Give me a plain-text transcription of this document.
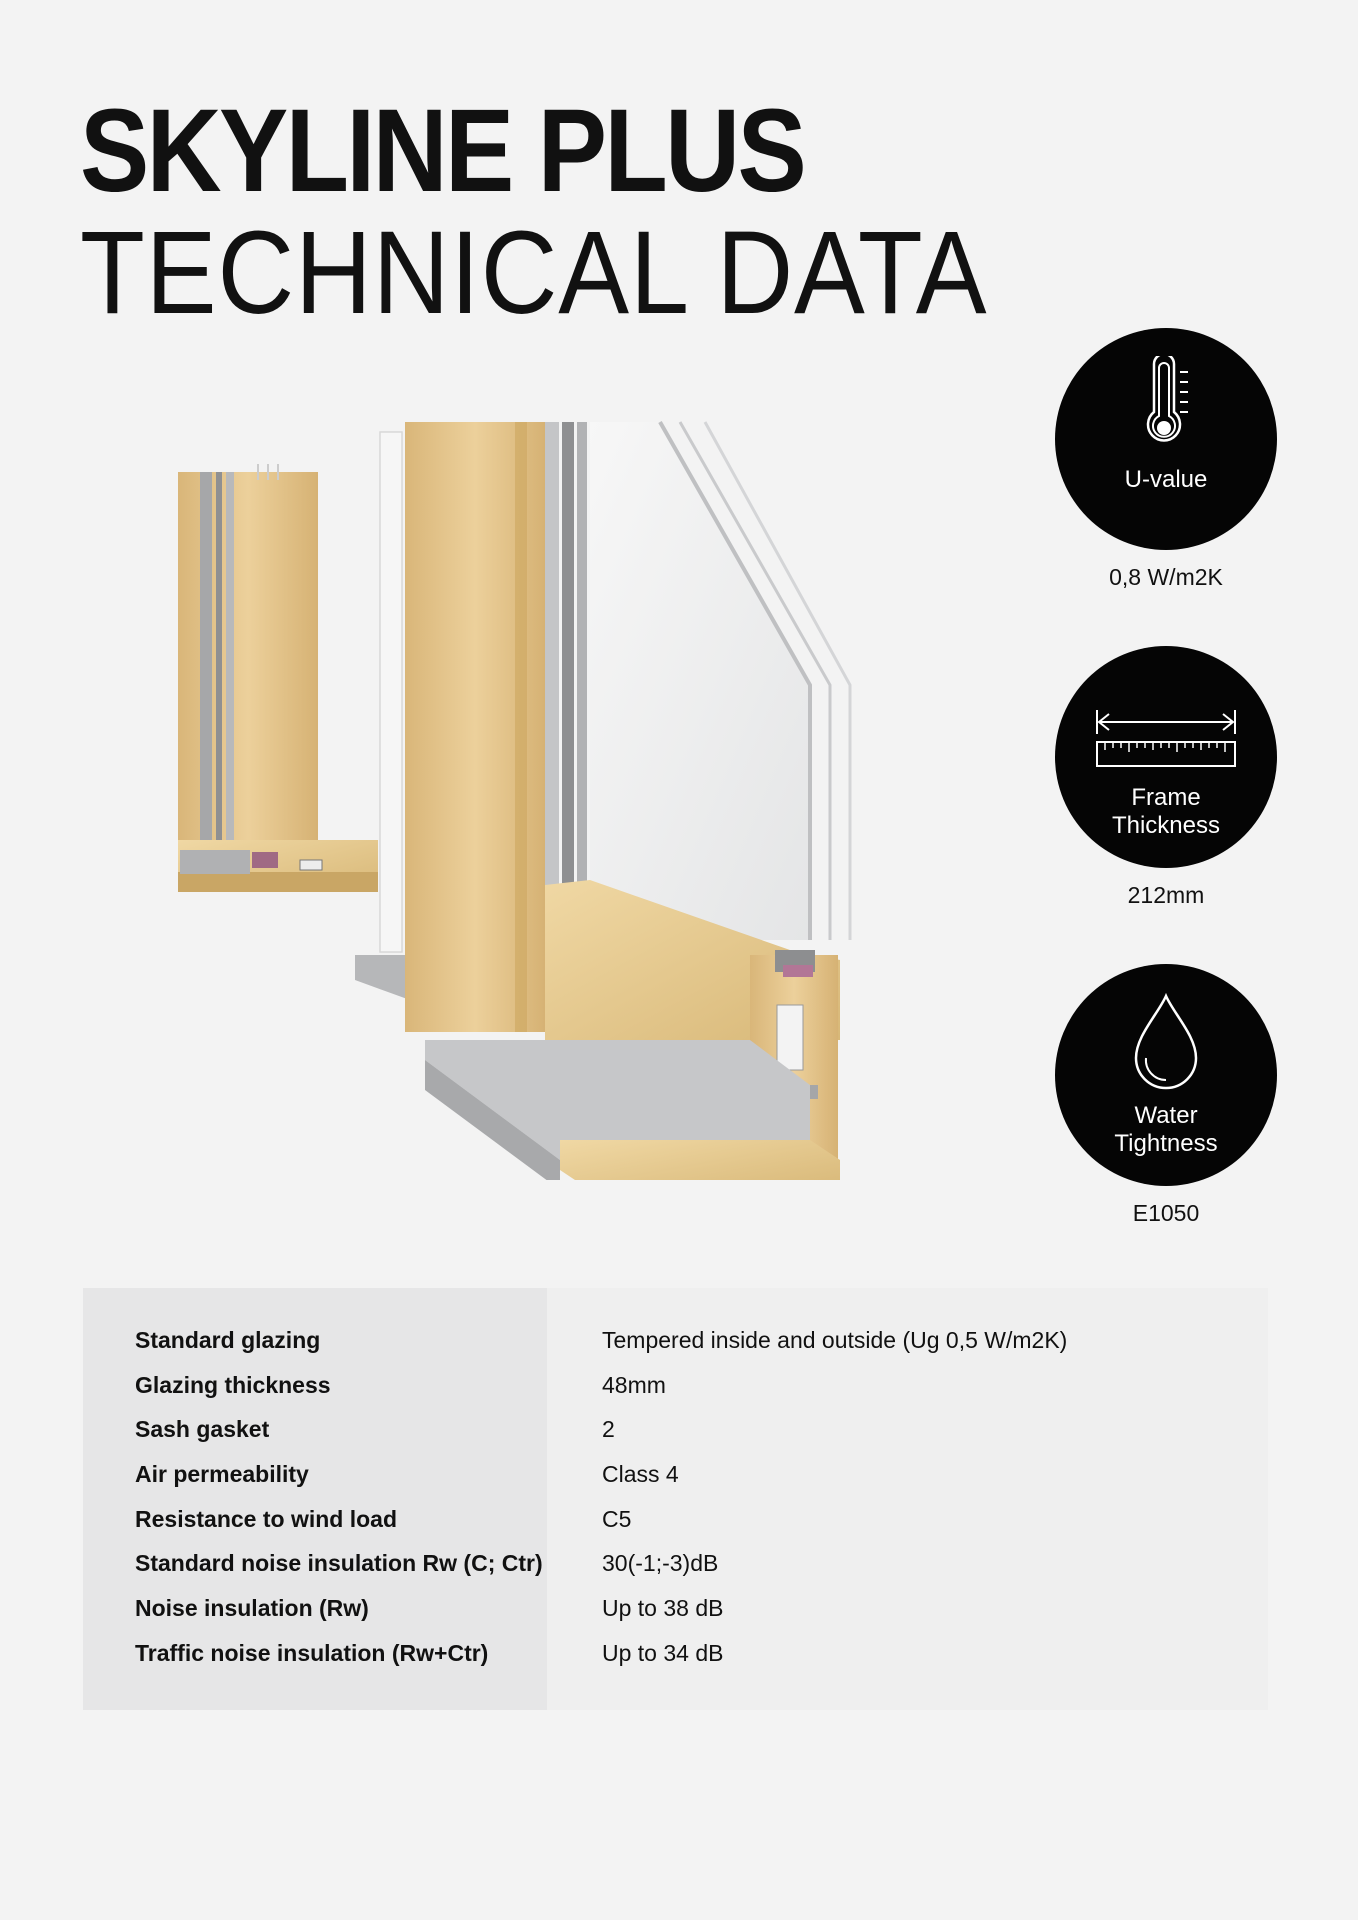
SKYLINE PLUS
TECHNICAL DATA
U-value
0,8 W/m2K
Frame
Thickness
212mm
Water
Tightness
E1050
Standard glazing
Glazing thickness
Sash gasket
Air permeability
Resistance to wind load
Standard noise insulation Rw (C; Ctr)
Noise insulation (Rw)
Traffic noise insulation (Rw+Ctr)
Tempered inside and outside (Ug 0,5 W/m2K)
48mm
2
Class 4
C5
30(-1;-3)dB
Up to 38 dB
Up to 34 dB
